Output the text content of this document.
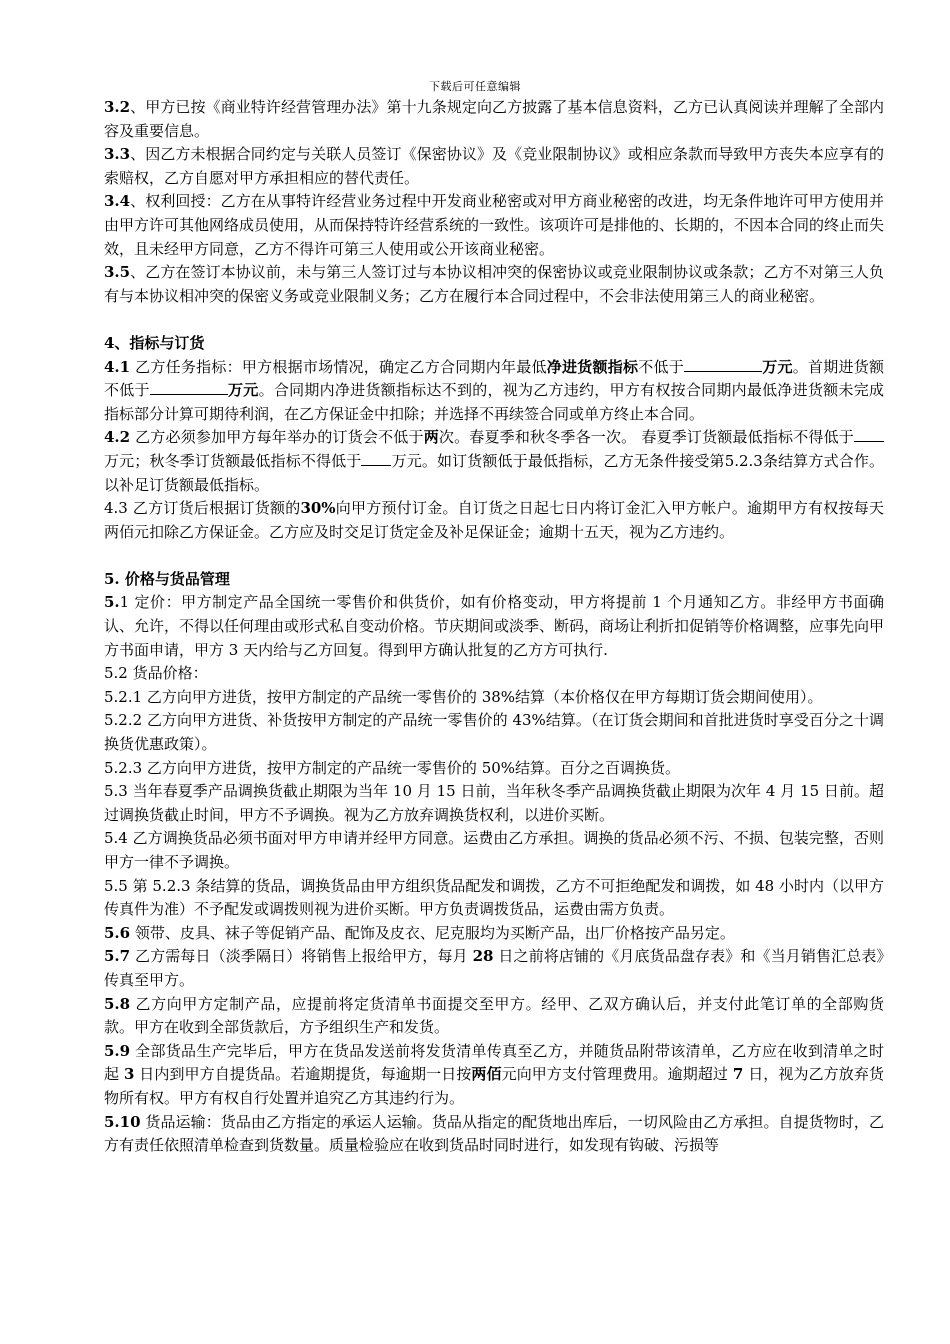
下载后可任意编辑

3.2、甲方已按《商业特许经营管理办法》第十九条规定向乙方披露了基本信息资料，乙方已认真阅读并理解了全部内容及重要信息。

3.3、因乙方未根据合同约定与关联人员签订《保密协议》及《竞业限制协议》或相应条款而导致甲方丧失本应享有的索赔权，乙方自愿对甲方承担相应的替代责任。

3.4、权利回授：乙方在从事特许经营业务过程中开发商业秘密或对甲方商业秘密的改进，均无条件地许可甲方使用并由甲方许可其他网络成员使用，从而保持特许经营系统的一致性。该项许可是排他的、长期的，不因本合同的终止而失效，且未经甲方同意，乙方不得许可第三人使用或公开该商业秘密。

3.5、乙方在签订本协议前，未与第三人签订过与本协议相冲突的保密协议或竞业限制协议或条款；乙方不对第三人负有与本协议相冲突的保密义务或竞业限制义务；乙方在履行本合同过程中，不会非法使用第三人的商业秘密。

4、指标与订货

4.1 乙方任务指标：甲方根据市场情况，确定乙方合同期内年最低净进货额指标不低于	万元。首期进货额不低于	万元。合同期内净进货额指标达不到的，视为乙方违约，甲方有权按合同期内最低净进货额未完成指标部分计算可期待利润，在乙方保证金中扣除；并选择不再续签合同或单方终止本合同。

4.2 乙方必须参加甲方每年举办的订货会不低于两次。春夏季和秋冬季各一次。 春夏季订货额最低指标不得低于万元；秋冬季订货额最低指标不得低于 万元。如订货额低于最低指标，乙方无条件接受第5.2.3条结算方式合作。以补足订货额最低指标。

4.3 乙方订货后根据订货额的30%向甲方预付订金。自订货之日起七日内将订金汇入甲方帐户。逾期甲方有权按每天两佰元扣除乙方保证金。乙方应及时交足订货定金及补足保证金；逾期十五天，视为乙方违约。

5. 价格与货品管理

5.1 定价：甲方制定产品全国统一零售价和供货价，如有价格变动，甲方将提前 1 个月通知乙方。非经甲方书面确认、允许，不得以任何理由或形式私自变动价格。节庆期间或淡季、断码，商场让利折扣促销等价格调整，应事先向甲方书面申请，甲方 3 天内给与乙方回复。得到甲方确认批复的乙方方可执行.

5.2 货品价格：

5.2.1 乙方向甲方进货，按甲方制定的产品统一零售价的 38%结算（本价格仅在甲方每期订货会期间使用）。

5.2.2 乙方向甲方进货、补货按甲方制定的产品统一零售价的 43%结算。（在订货会期间和首批进货时享受百分之十调换货优惠政策）。

5.2.3 乙方向甲方进货，按甲方制定的产品统一零售价的 50%结算。百分之百调换货。

5.3 当年春夏季产品调换货截止期限为当年 10 月 15 日前，当年秋冬季产品调换货截止期限为次年 4 月 15 日前。超过调换货截止时间，甲方不予调换。视为乙方放弃调换货权利，以进价买断。

5.4 乙方调换货品必须书面对甲方申请并经甲方同意。运费由乙方承担。调换的货品必须不污、不损、包装完整，否则甲方一律不予调换。

5.5 第 5.2.3 条结算的货品，调换货品由甲方组织货品配发和调拨，乙方不可拒绝配发和调拨，如 48 小时内（以甲方传真件为准）不予配发或调拨则视为进价买断。甲方负责调拨货品，运费由需方负责。

5.6 领带、皮具、袜子等促销产品、配饰及皮衣、尼克服均为买断产品，出厂价格按产品另定。

5.7 乙方需每日（淡季隔日）将销售上报给甲方，每月 28 日之前将店铺的《月底货品盘存表》和《当月销售汇总表》传真至甲方。

5.8 乙方向甲方定制产品，应提前将定货清单书面提交至甲方。经甲、乙双方确认后，并支付此笔订单的全部购货款。甲方在收到全部货款后，方予组织生产和发货。

5.9 全部货品生产完毕后，甲方在货品发送前将发货清单传真至乙方，并随货品附带该清单，乙方应在收到清单之时起 3 日内到甲方自提货品。若逾期提货，每逾期一日按两佰元向甲方支付管理费用。逾期超过 7 日，视为乙方放弃货物所有权。甲方有权自行处置并追究乙方其违约行为。

5.10 货品运输：货品由乙方指定的承运人运输。货品从指定的配货地出库后，一切风险由乙方承担。自提货物时，乙方有责任依照清单检查到货数量。质量检验应在收到货品时同时进行，如发现有钩破、污损等
